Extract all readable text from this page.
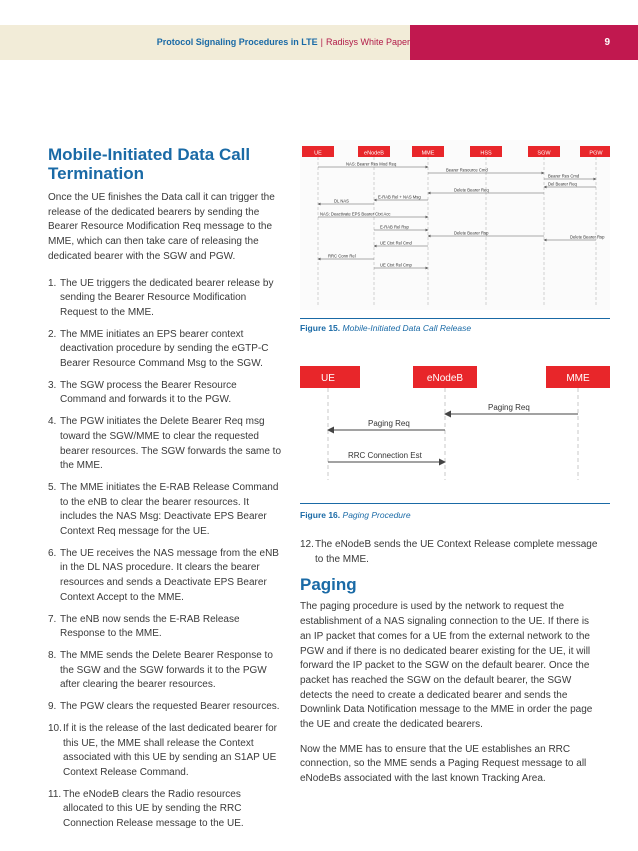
Protocol Signaling Procedures in LTE | Radisys White Paper	9
Mobile-Initiated Data Call Termination

Once the UE finishes the Data call it can trigger the release of the dedicated bearers by sending the Bearer Resource Modification Req message to the MME, which can then take care of releasing the dedicated bearer with the SGW and PGW.

1. The UE triggers the dedicated bearer release by sending the Bearer Resource Modification Request to the MME.
2. The MME initiates an EPS bearer context deactivation procedure by sending the eGTP-C Bearer Resource Command Msg to the SGW.
3. The SGW process the Bearer Resource Command and forwards it to the PGW.
4. The PGW initiates the Delete Bearer Req msg toward the SGW/MME to clear the requested bearer resources. The SGW forwards the same to the MME.
5. The MME initiates the E-RAB Release Command to the eNB to clear the bearer resources. It includes the NAS Msg: Deactivate EPS Bearer Context Req message for the UE.
6. The UE receives the NAS message from the eNB in the DL NAS procedure. It clears the bearer resources and sends a Deactivate EPS Bearer Context Accept to the MME.
7. The eNB now sends the E-RAB Release Response to the MME.
8. The MME sends the Delete Bearer Response to the SGW and the SGW forwards it to the PGW after clearing the bearer resources.
9. The PGW clears the requested Bearer resources.
10. If it is the release of the last dedicated bearer for this UE, the MME shall release the Context associated with this UE by sending an S1AP UE Context Release Command.
11. The eNodeB clears the Radio resources allocated to this UE by sending the RRC Connection Release message to the UE.
UE	eNodeB	MME	HSS	SGW	PGW
NAS: Bearer Res Mod Req
Bearer Resource Cmd
Bearer Res Cmd
Del Bearer Req
Delete Bearer Req
E-RAB Rel + NAS Msg
DL NAS
NAS: Deactivate EPS Bearer Ctxt Acc
E-RAB Rel Rsp
Delete Bearer Rsp
Delete Bearer Rsp
UE Ctxt Rel Cmd
RRC Conn Rel
UE Ctxt Rel Cmp
Figure 15. Mobile-Initiated Data Call Release
UE	eNodeB	MME
Paging Req
Paging Req
RRC Connection Est
Figure 16. Paging Procedure
12. The eNodeB sends the UE Context Release complete message to the MME.
Paging

The paging procedure is used by the network to request the establishment of a NAS signaling connection to the UE. If there is an IP packet that comes for a UE from the external network to the PGW and if there is no dedicated bearer existing for the UE, it will forward the IP packet to the SGW on the default bearer. Once the packet has reached the SGW on the default bearer, the SGW detects the need to create a dedicated bearer and sends the Downlink Data Notification message to the MME in order the page the UE and create the dedicated bearers.

Now the MME has to ensure that the UE establishes an RRC connection, so the MME sends a Paging Request message to all eNodeBs associated with the last known Tracking Area.
